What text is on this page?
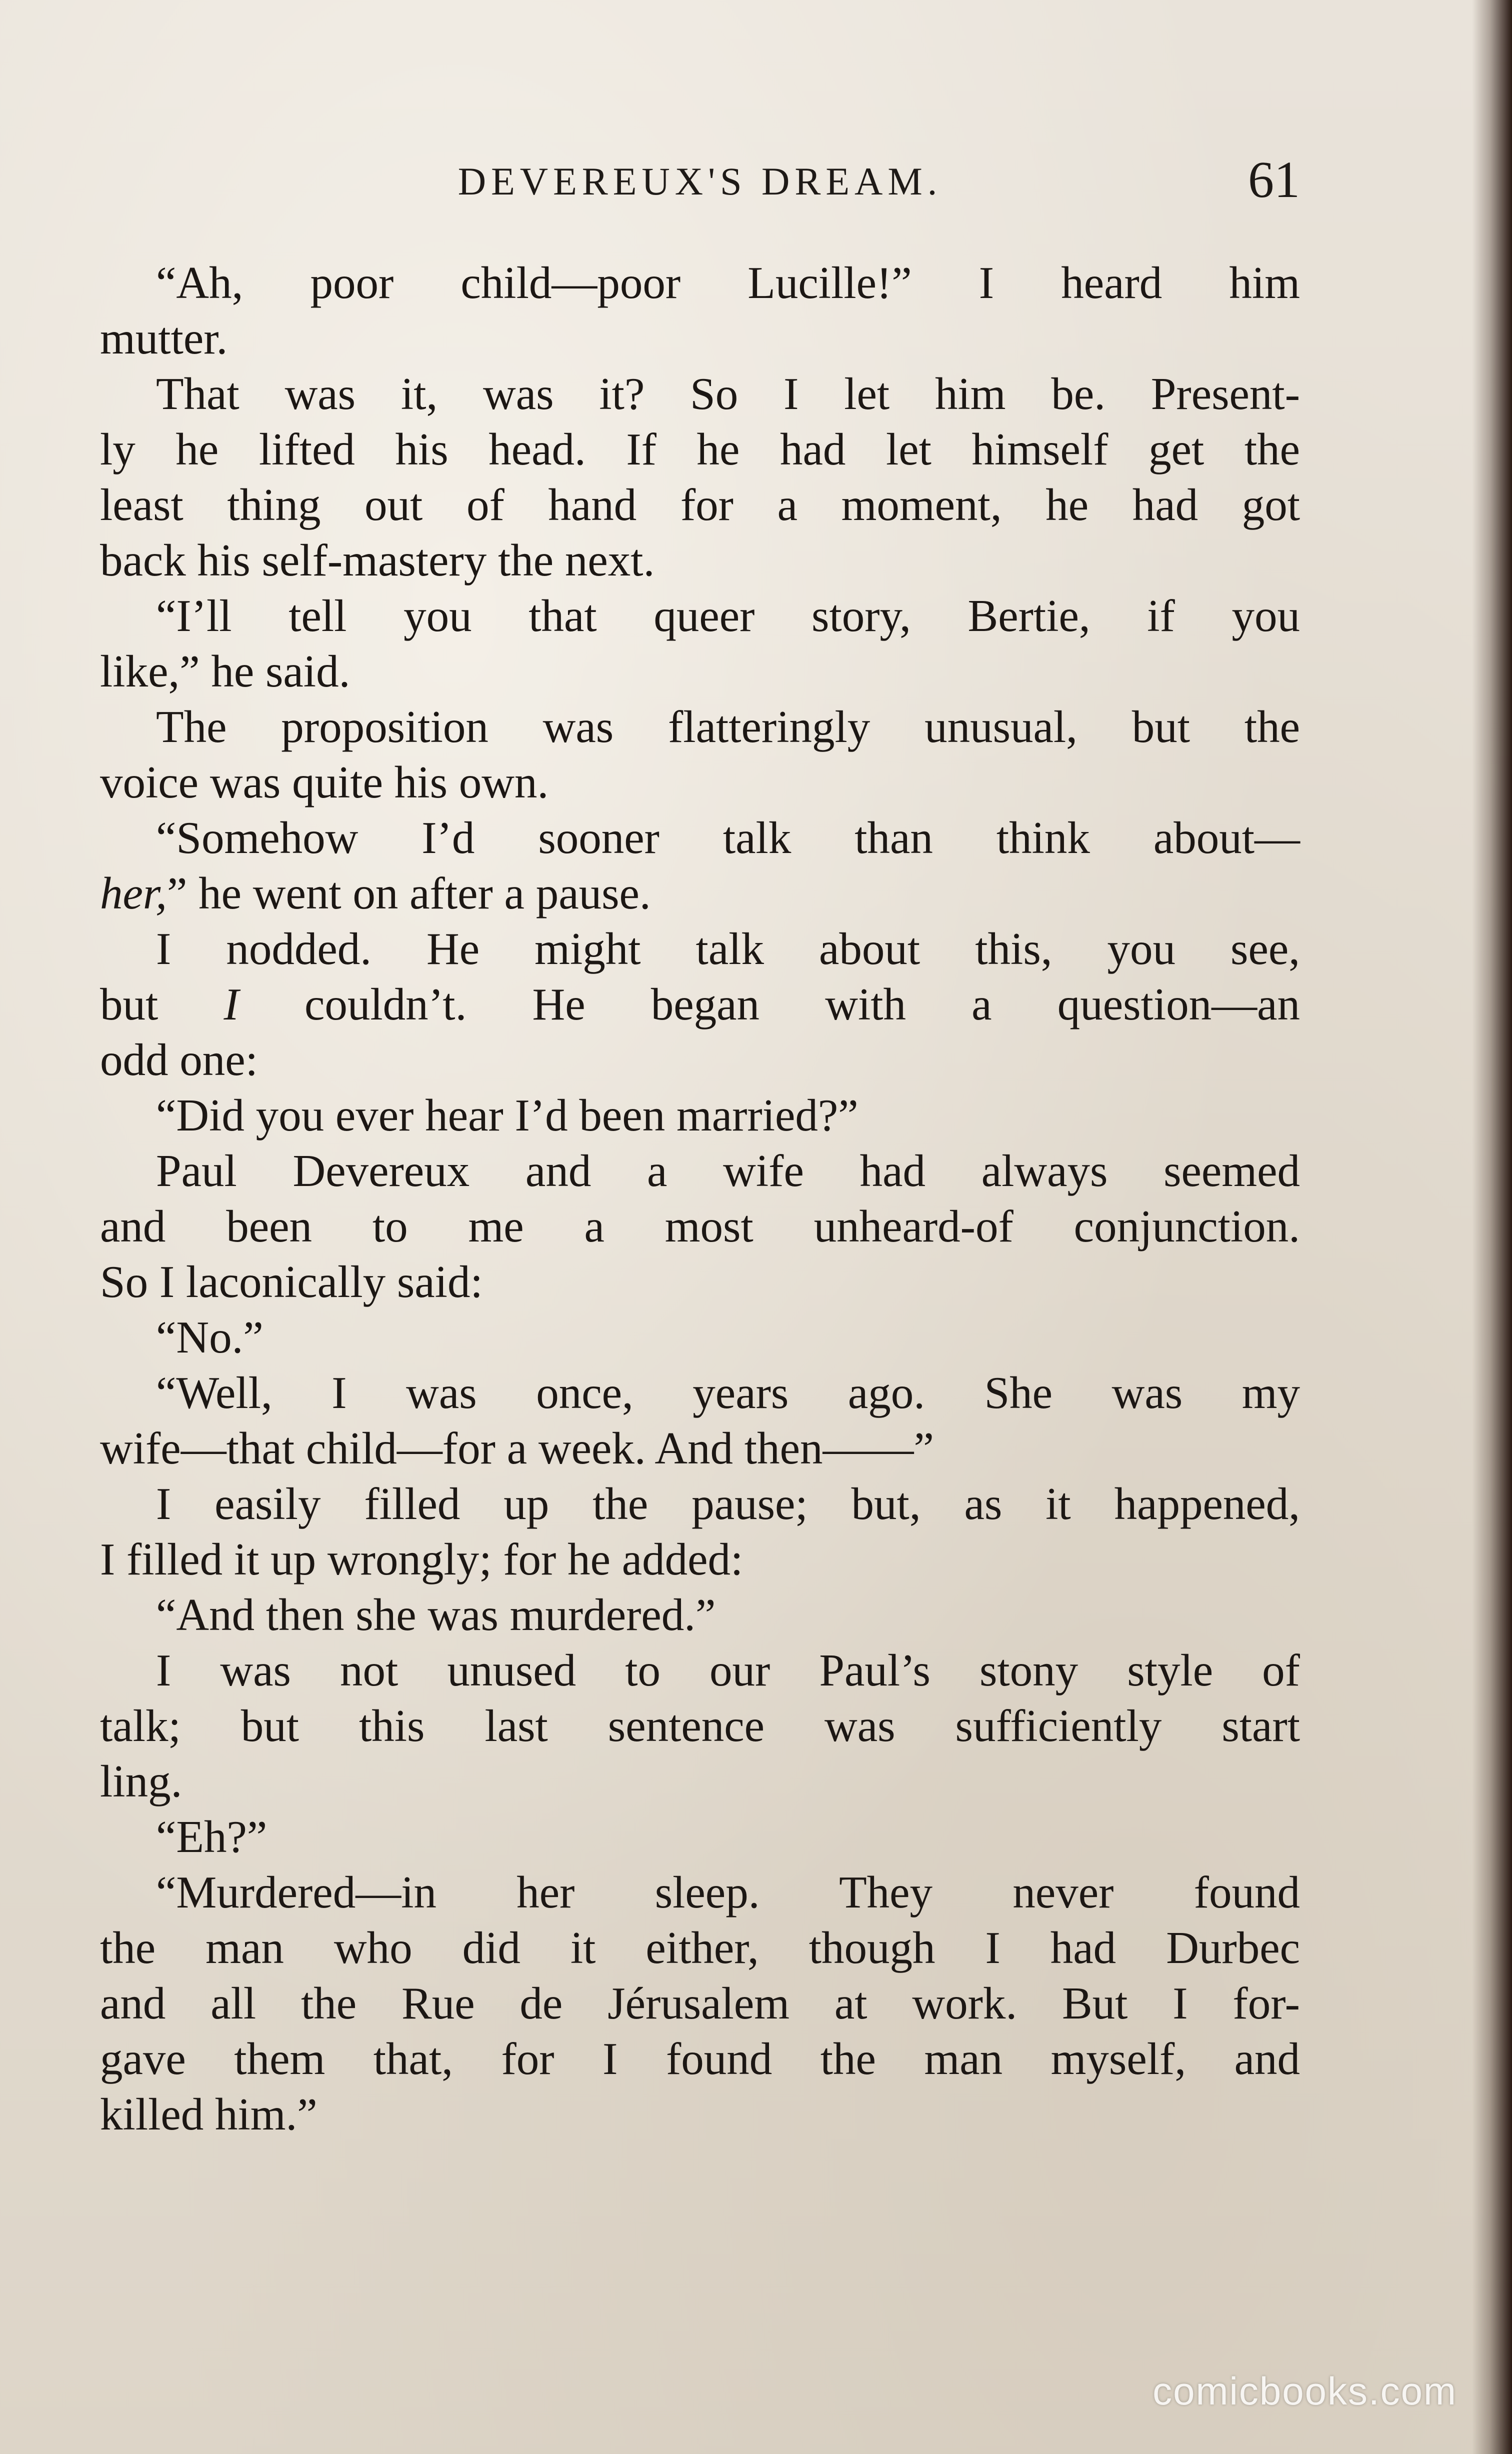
DEVEREUX'S DREAM.	61
“Ah, poor child—poor Lucille!” I heard him
mutter.
That was it, was it? So I let him be. Present-
ly he lifted his head. If he had let himself get the
least thing out of hand for a moment, he had got
back his self-mastery the next.
“I’ll tell you that queer story, Bertie, if you
like,” he said.
The proposition was flatteringly unusual, but the
voice was quite his own.
“Somehow I’d sooner talk than think about—
her,” he went on after a pause.
I nodded. He might talk about this, you see,
but I couldn’t. He began with a question—an
odd one:
“Did you ever hear I’d been married?”
Paul Devereux and a wife had always seemed
and been to me a most unheard-of conjunction.
So I laconically said:
“No.”
“Well, I was once, years ago. She was my
wife—that child—for a week. And then——”
I easily filled up the pause; but, as it happened,
I filled it up wrongly; for he added:
“And then she was murdered.”
I was not unused to our Paul’s stony style of
talk; but this last sentence was sufficiently start
ling.
“Eh?”
“Murdered—in her sleep. They never found
the man who did it either, though I had Durbec
and all the Rue de Jérusalem at work. But I for-
gave them that, for I found the man myself, and
killed him.”
comicbooks.com
